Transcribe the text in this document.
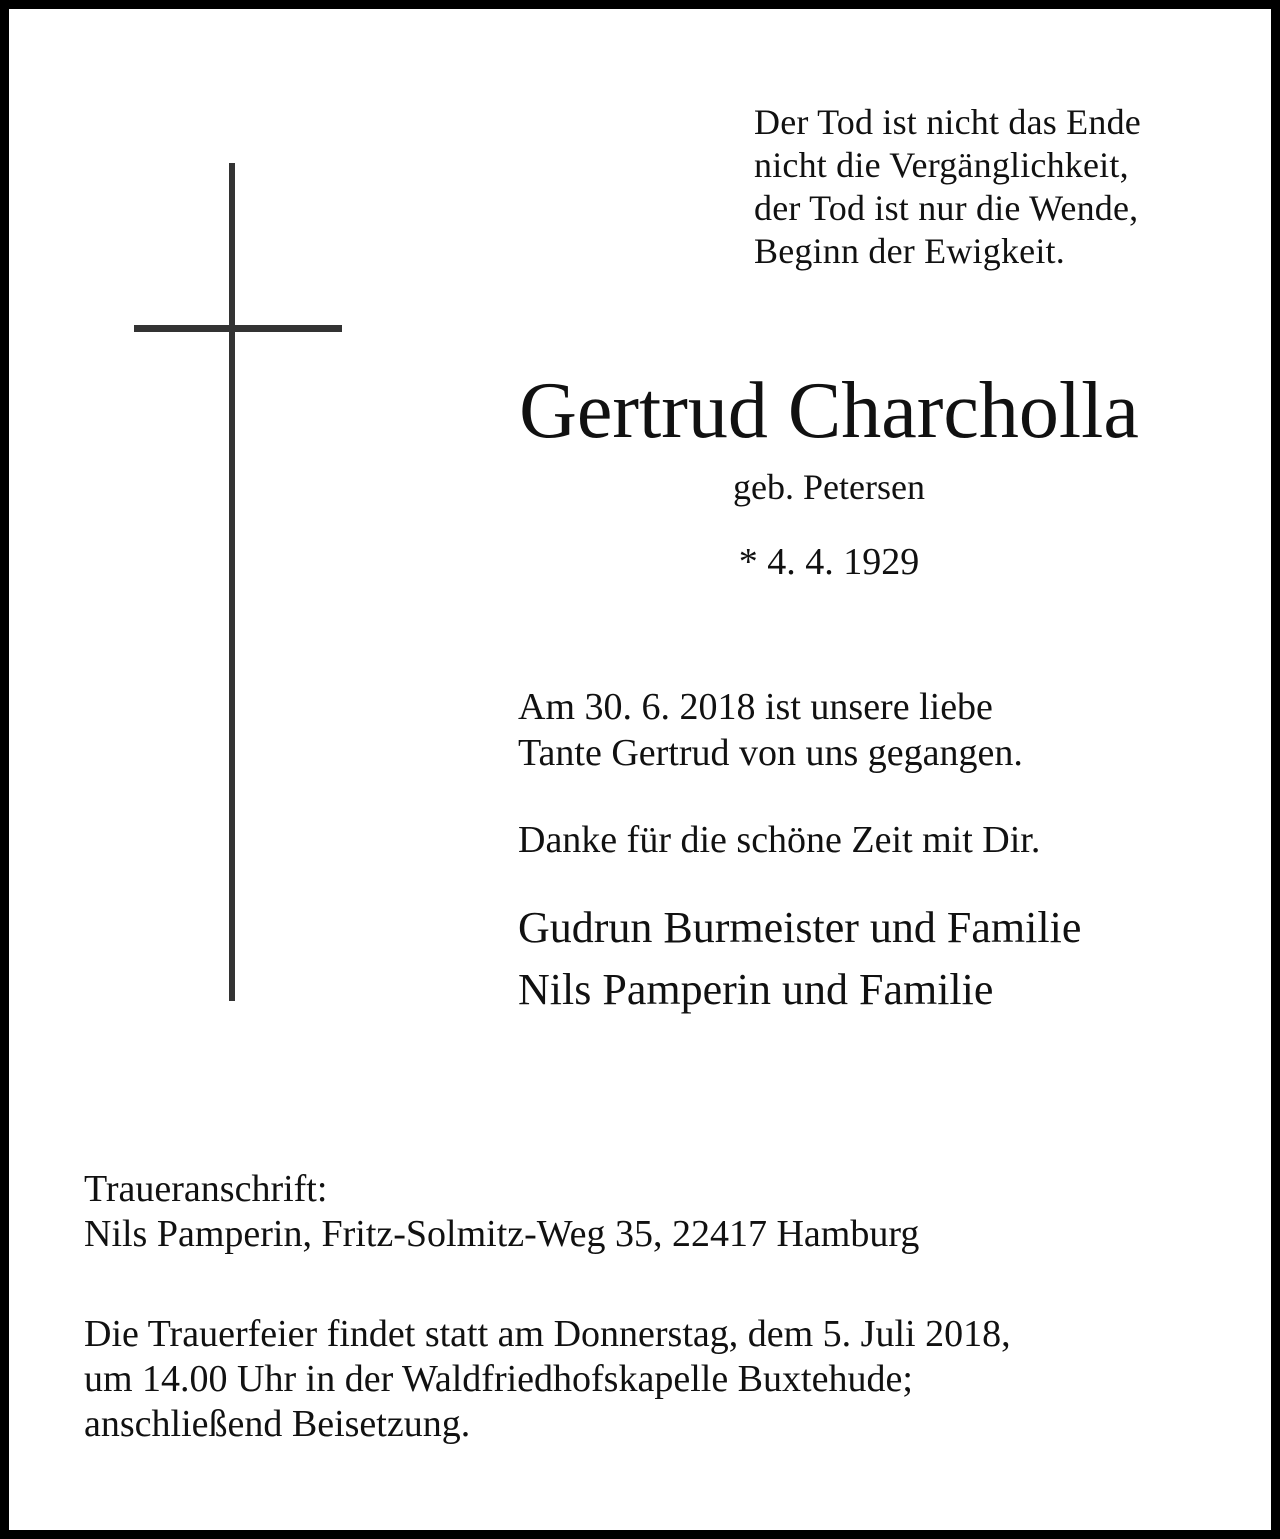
Der Tod ist nicht das Ende
nicht die Vergänglichkeit,
der Tod ist nur die Wende,
Beginn der Ewigkeit.
Gertrud Charcholla
geb. Petersen
* 4. 4. 1929
Am 30. 6. 2018 ist unsere liebe
Tante Gertrud von uns gegangen.
Danke für die schöne Zeit mit Dir.
Gudrun Burmeister und Familie
Nils Pamperin und Familie
Traueranschrift:
Nils Pamperin, Fritz-Solmitz-Weg 35, 22417 Hamburg
Die Trauerfeier findet statt am Donnerstag, dem 5. Juli 2018,
um 14.00 Uhr in der Waldfriedhofskapelle Buxtehude;
anschließend Beisetzung.
